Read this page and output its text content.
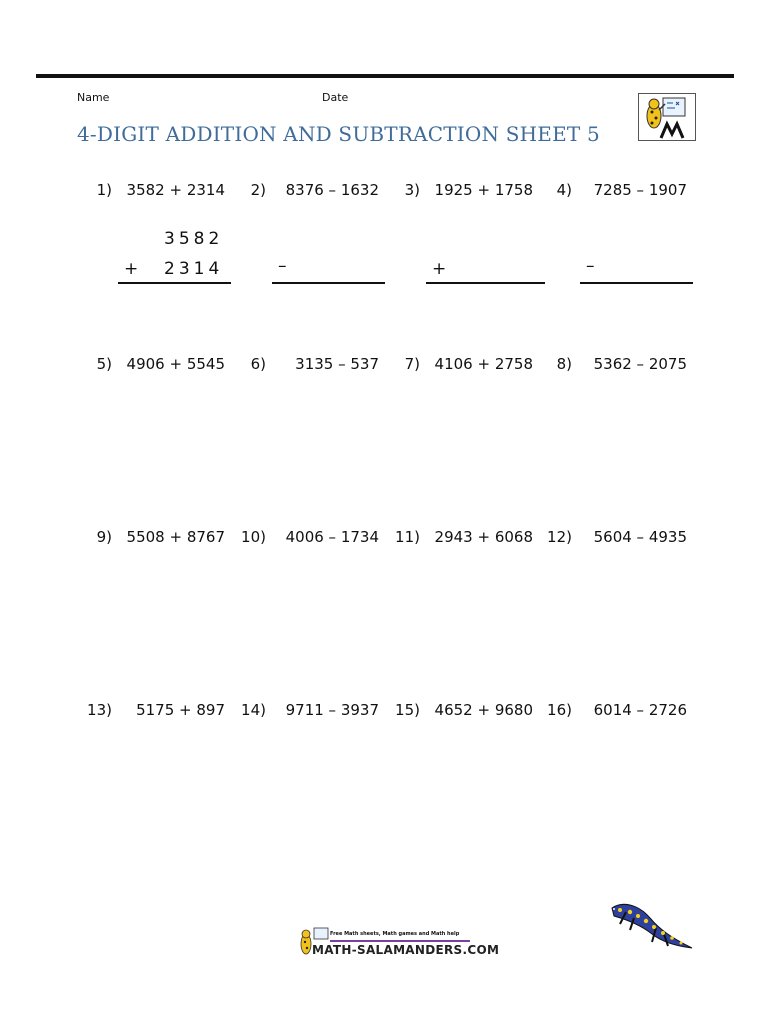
Name	Date
4-DIGIT ADDITION AND SUBTRACTION SHEET 5
1) 3582 + 2314	2)	8376 – 1632	3) 1925 + 1758	4)	7285 – 1907
3582
+ 2314	–	+	–
5) 4906 + 5545	6)	3135 – 537	7) 4106 + 2758	8)	5362 – 2075
9) 5508 + 8767	10)	4006 – 1734	11) 2943 + 6068 12)	5604 – 4935
13)	5175 + 897	14)	9711 – 3937	15) 4652 + 9680 16)	6014 – 2726
Free Math sheets, Math games and Math help
MATH-SALAMANDERS.COM
